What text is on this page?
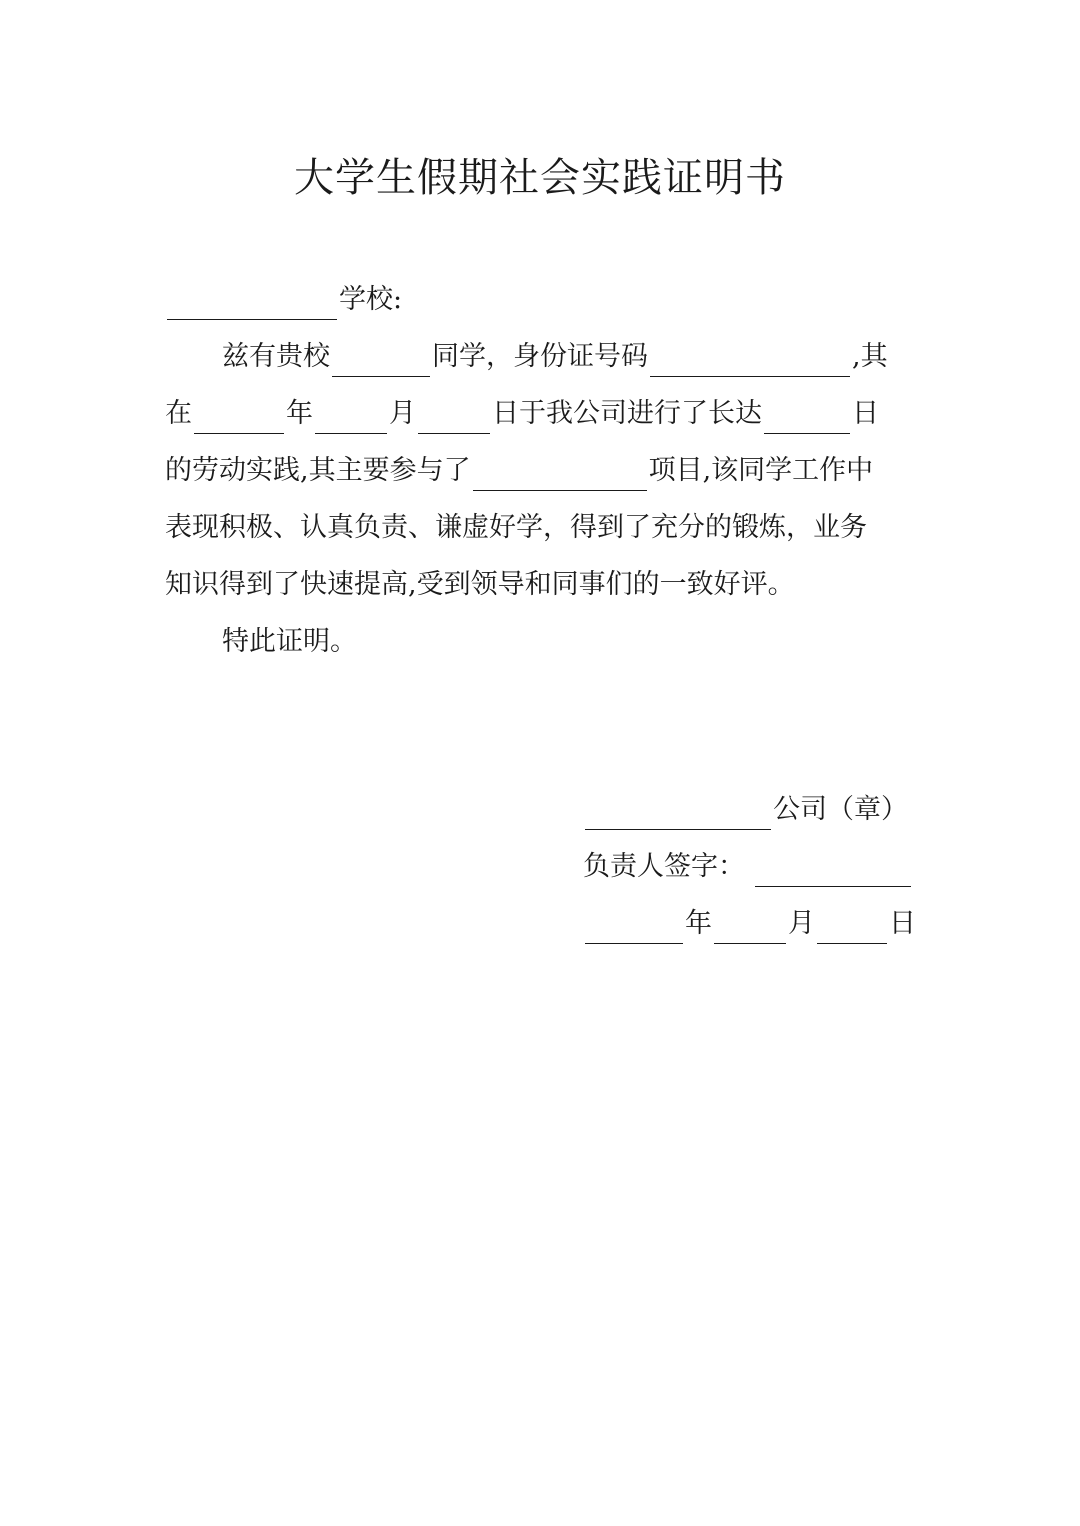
大学生假期社会实践证明书
学校:
兹有贵校	同学，身份证号码	,其
在	年	月	日于我公司进行了长达	日
的劳动实践,其主要参与了	项目,该同学工作中
表现积极、认真负责、谦虚好学，得到了充分的锻炼，业务
知识得到了快速提高,受到领导和同事们的一致好评。
特此证明。
公司（章）
负责人签字：
年	月	日
